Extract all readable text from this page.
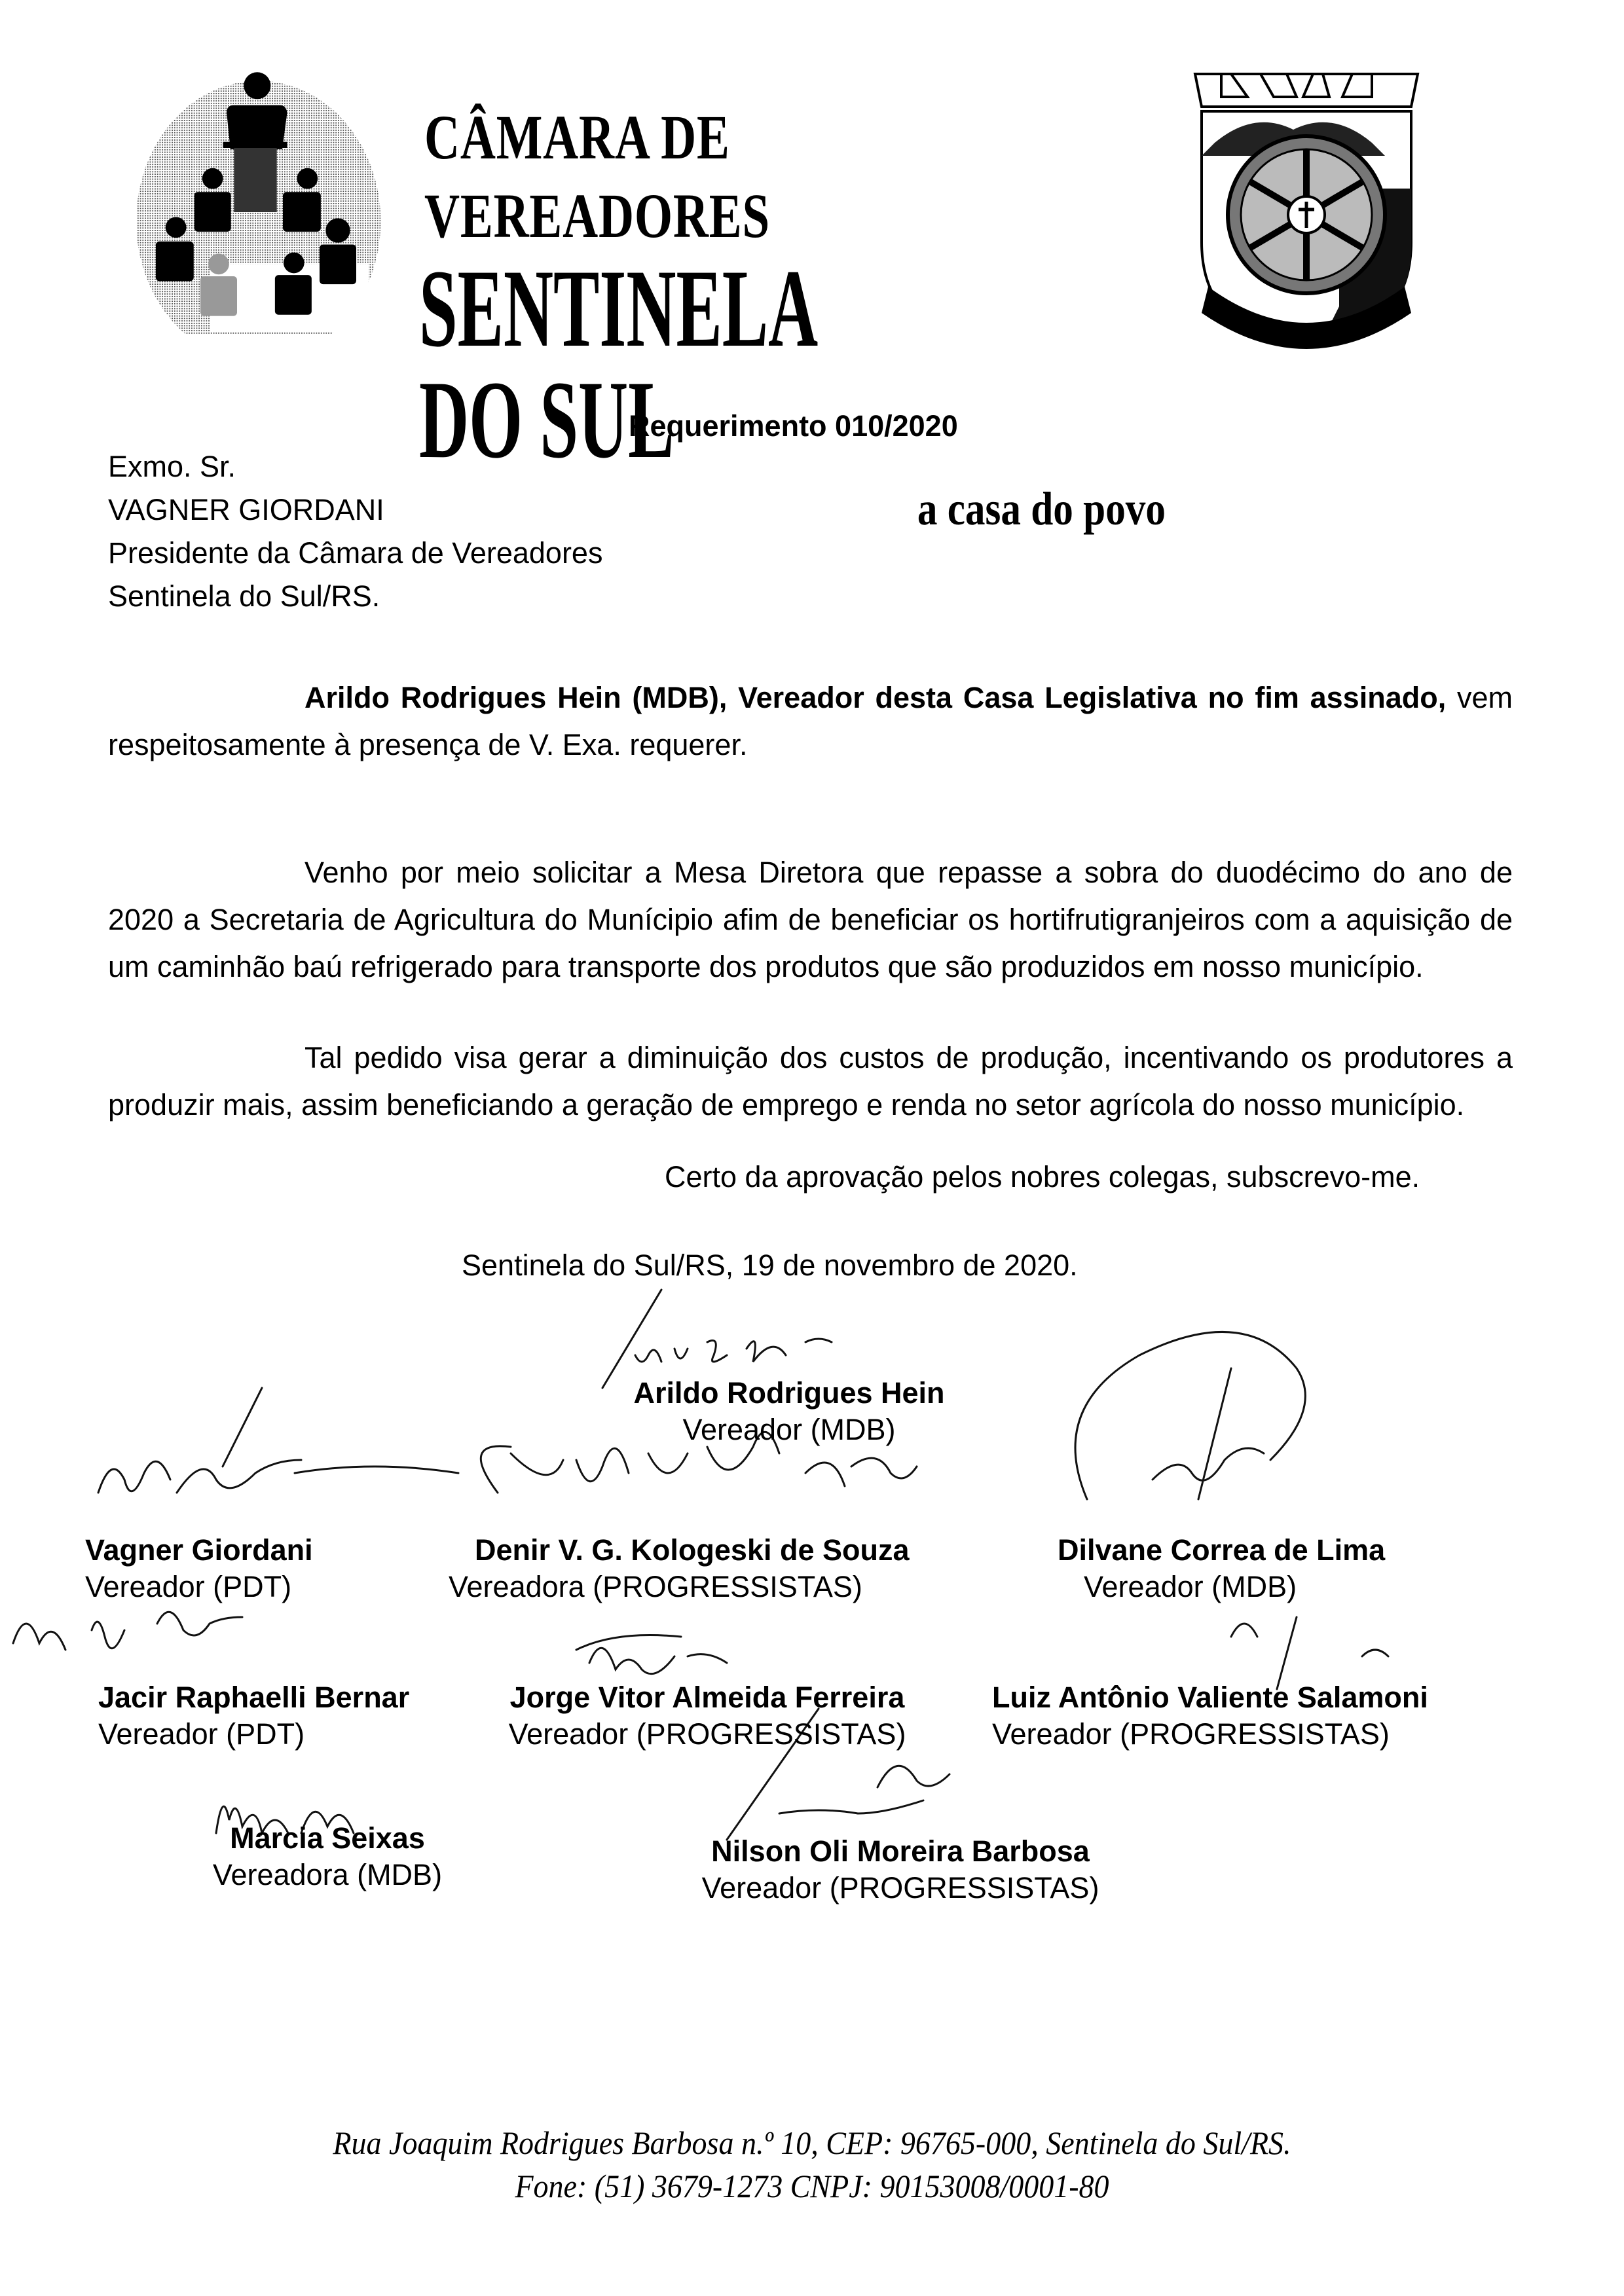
CÂMARA DE VEREADORES
SENTINELA DO SUL
a casa do povo
Requerimento 010/2020
Exmo. Sr.
VAGNER GIORDANI
Presidente da Câmara de Vereadores
Sentinela do Sul/RS.
Arildo Rodrigues Hein (MDB), Vereador desta Casa Legislativa no fim assinado, vem respeitosamente à presença de V. Exa. requerer.
Venho por meio solicitar a Mesa Diretora que repasse a sobra do duodécimo do ano de 2020 a Secretaria de Agricultura do Munícipio afim de beneficiar os hortifrutigranjeiros com a aquisição de um caminhão baú refrigerado para transporte dos produtos que são produzidos em nosso município.
Tal pedido visa gerar a diminuição dos custos de produção, incentivando os produtores a produzir mais, assim beneficiando a geração de emprego e renda no setor agrícola do nosso município.
Certo da aprovação pelos nobres colegas, subscrevo-me.
Sentinela do Sul/RS, 19 de novembro de 2020.
Arildo Rodrigues Hein
Vereador (MDB)
Vagner Giordani
Vereador (PDT)
Denir V. G. Kologeski de Souza
Vereadora (PROGRESSISTAS)
Dilvane Correa de Lima
Vereador (MDB)
Jacir Raphaelli Bernar
Vereador (PDT)
Jorge Vitor Almeida Ferreira
Vereador (PROGRESSISTAS)
Luiz Antônio Valiente Salamoni
Vereador (PROGRESSISTAS)
Marcia Seixas
Vereadora (MDB)
Nilson Oli Moreira Barbosa
Vereador (PROGRESSISTAS)
Rua Joaquim Rodrigues Barbosa n.º 10, CEP: 96765-000, Sentinela do Sul/RS.
Fone: (51) 3679-1273 CNPJ: 90153008/0001-80
